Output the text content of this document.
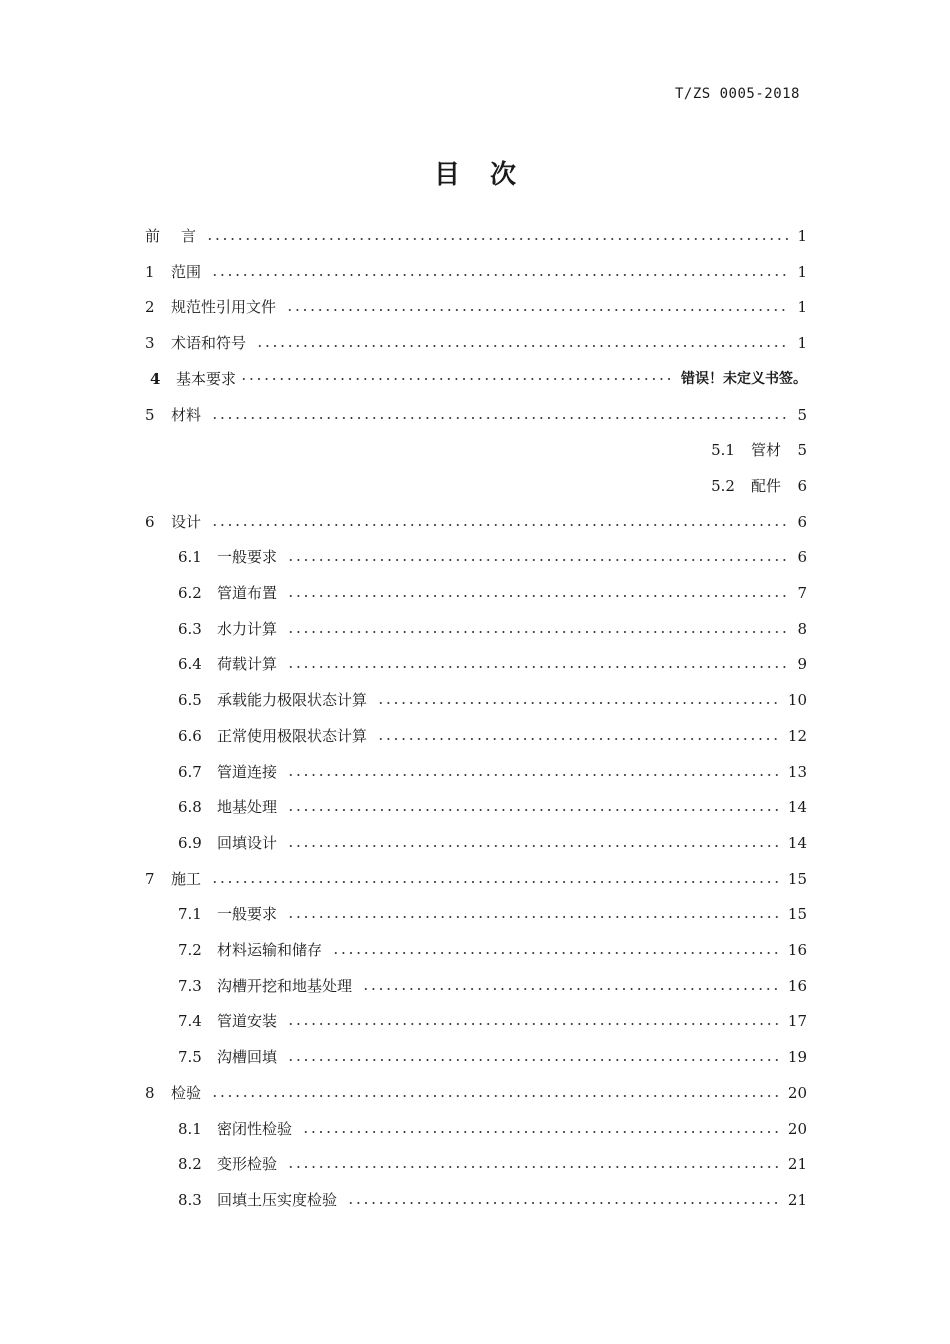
T/ZS 0005-2018
目 次
前	言	1
1	范围	1
2	规范性引用文件	1
3	术语和符号	1
4	基本要求	错误！未定义书签。
5	材料	5
5.1 管材	5
5.2 配件	6
6	设计	6
6.1	一般要求	6
6.2	管道布置	7
6.3	水力计算	8
6.4	荷载计算	9
6.5	承载能力极限状态计算	10
6.6	正常使用极限状态计算	12
6.7	管道连接	13
6.8	地基处理	14
6.9	回填设计	14
7	施工	15
7.1	一般要求	15
7.2	材料运输和储存	16
7.3	沟槽开挖和地基处理	16
7.4	管道安装	17
7.5	沟槽回填	19
8	检验	20
8.1	密闭性检验	20
8.2	变形检验	21
8.3	回填土压实度检验	21
